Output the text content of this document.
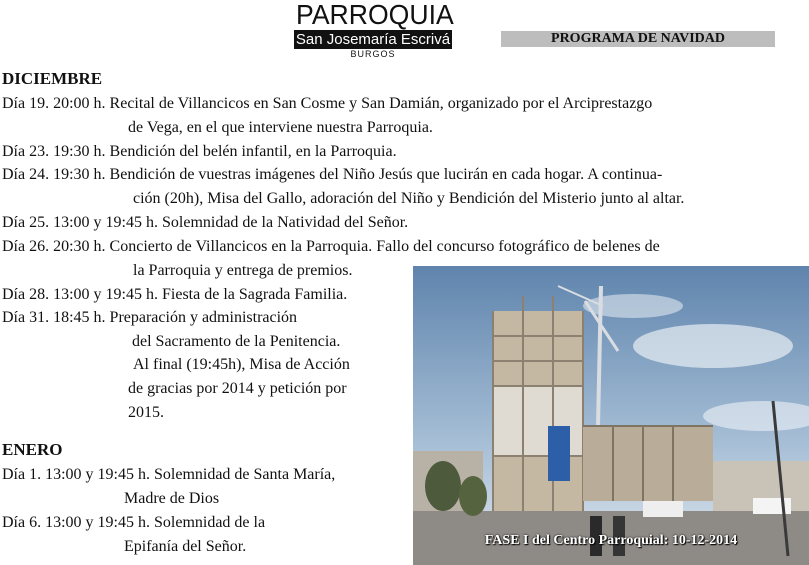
PARROQUIA
San Josemaría Escrivá
BURGOS
PROGRAMA DE NAVIDAD
DICIEMBRE
Día 19. 20:00 h. Recital de Villancicos en San Cosme y San Damián, organizado por el Arciprestazgo
de Vega, en el que interviene nuestra Parroquia.
Día 23. 19:30 h. Bendición del belén infantil, en la Parroquia.
Día 24. 19:30 h. Bendición de vuestras imágenes del Niño Jesús que lucirán en cada hogar. A continua-
ción (20h), Misa del Gallo, adoración del Niño y Bendición del Misterio junto al altar.
Día 25. 13:00 y 19:45 h. Solemnidad de la Natividad del Señor.
Día 26. 20:30 h. Concierto de Villancicos en la Parroquia. Fallo del concurso fotográfico de belenes de
la Parroquia y entrega de premios.
Día 28. 13:00 y 19:45 h. Fiesta de la Sagrada Familia.
Día 31. 18:45 h. Preparación y administración
del Sacramento de la Penitencia.
Al final (19:45h), Misa de Acción
de gracias por 2014 y petición por
2015.
ENERO
Día 1. 13:00 y 19:45 h. Solemnidad de Santa María,
Madre de Dios
Día 6. 13:00 y 19:45 h. Solemnidad de la
Epifanía del Señor.	FASE I del Centro Parroquial: 10-12-2014
